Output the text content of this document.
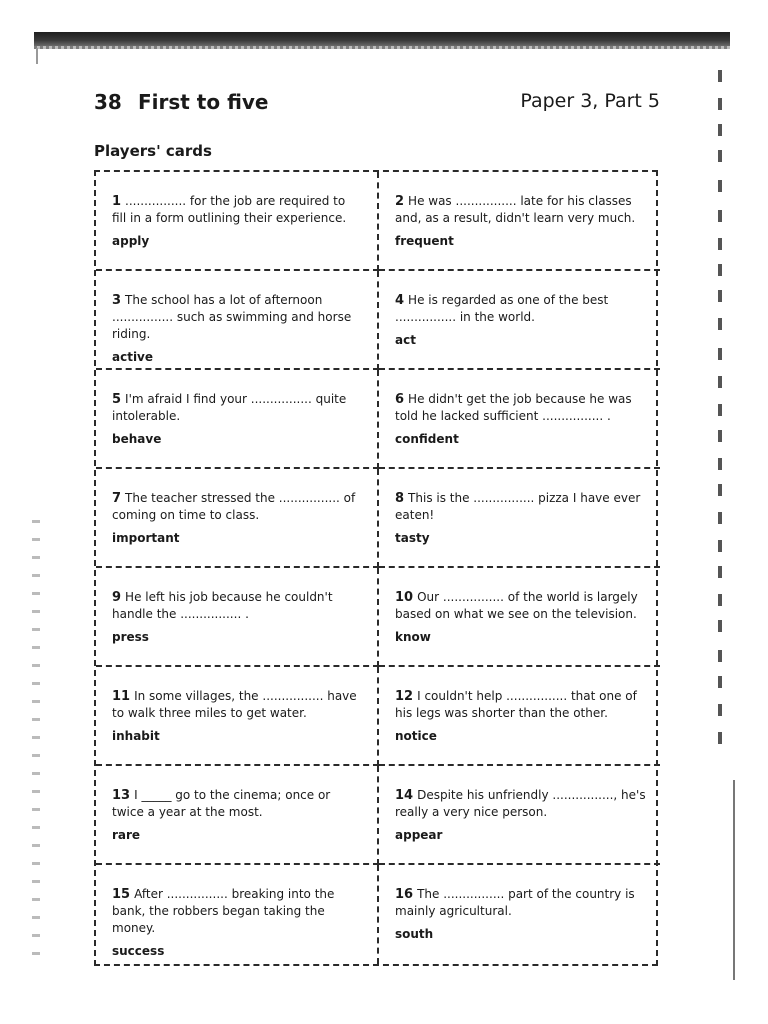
38 First to five	Paper 3, Part 5
Players' cards
1 ................ for the job are required to fill in a form outlining their experience.
apply
2 He was ................ late for his classes and, as a result, didn't learn very much.
frequent
3 The school has a lot of afternoon ................ such as swimming and horse riding.
active
4 He is regarded as one of the best ................ in the world.
act
5 I'm afraid I find your ................ quite intolerable.
behave
6 He didn't get the job because he was told he lacked sufficient ................ .
confident
7 The teacher stressed the ................ of coming on time to class.
important
8 This is the ................ pizza I have ever eaten!
tasty
9 He left his job because he couldn't handle the ................ .
press
10 Our ................ of the world is largely based on what we see on the television.
know
11 In some villages, the ................ have to walk three miles to get water.
inhabit
12 I couldn't help ................ that one of his legs was shorter than the other.
notice
13 I _____ go to the cinema; once or twice a year at the most.
rare
14 Despite his unfriendly ................, he's really a very nice person.
appear
15 After ................ breaking into the bank, the robbers began taking the money.
success
16 The ................ part of the country is mainly agricultural.
south
